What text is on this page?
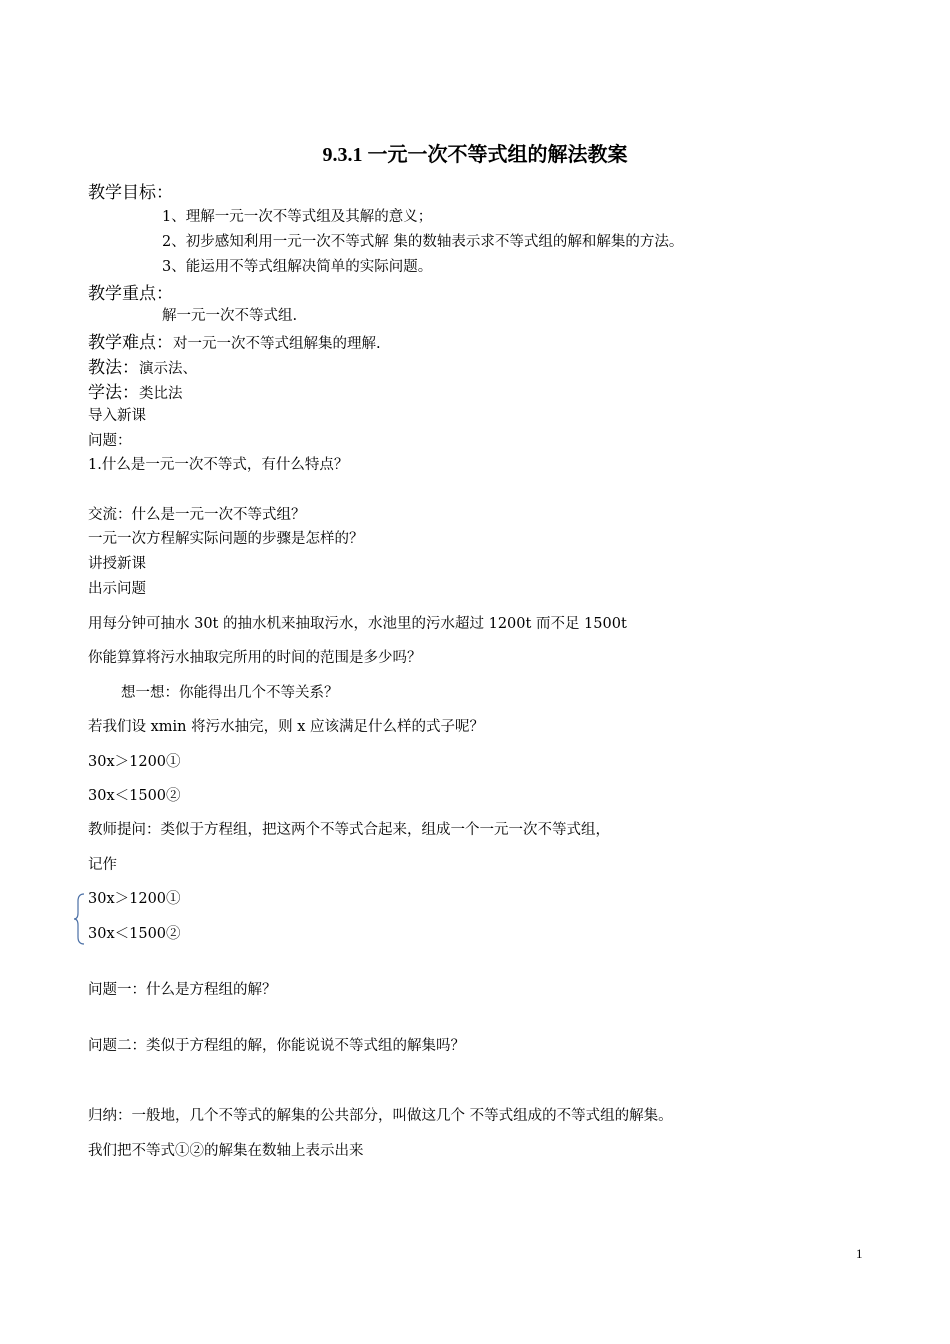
9.3.1 一元一次不等式组的解法教案
教学目标：
1、理解一元一次不等式组及其解的意义；
2、初步感知利用一元一次不等式解 集的数轴表示求不等式组的解和解集的方法。
3、能运用不等式组解决简单的实际问题。
教学重点：
解一元一次不等式组.
教学难点：对一元一次不等式组解集的理解.
教法：演示法、
学法：类比法
导入新课
问题：
1.什么是一元一次不等式，有什么特点？
交流：什么是一元一次不等式组？
一元一次方程解实际问题的步骤是怎样的？
讲授新课
出示问题
用每分钟可抽水 30t 的抽水机来抽取污水，水池里的污水超过 1200t 而不足 1500t
你能算算将污水抽取完所用的时间的范围是多少吗？
想一想：你能得出几个不等关系？
若我们设 xmin 将污水抽完，则 x 应该满足什么样的式子呢？
30x＞1200①
30x＜1500②
教师提问：类似于方程组，把这两个不等式合起来，组成一个一元一次不等式组，
记作
30x＞1200①
30x＜1500②
问题一：什么是方程组的解？
问题二：类似于方程组的解，你能说说不等式组的解集吗？
归纳：一般地，几个不等式的解集的公共部分，叫做这几个 不等式组成的不等式组的解集。
我们把不等式①②的解集在数轴上表示出来
1
